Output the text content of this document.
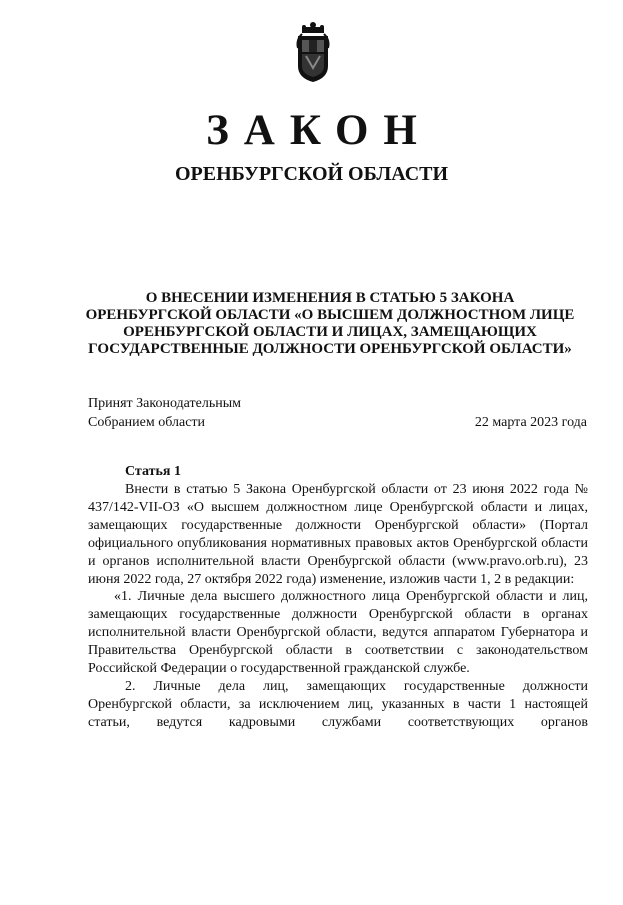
ЗАКОН
ОРЕНБУРГСКОЙ ОБЛАСТИ
О ВНЕСЕНИИ ИЗМЕНЕНИЯ В СТАТЬЮ 5 ЗАКОНА
ОРЕНБУРГСКОЙ ОБЛАСТИ «О ВЫСШЕМ ДОЛЖНОСТНОМ ЛИЦЕ
ОРЕНБУРГСКОЙ ОБЛАСТИ И ЛИЦАХ, ЗАМЕЩАЮЩИХ
ГОСУДАРСТВЕННЫЕ ДОЛЖНОСТИ ОРЕНБУРГСКОЙ ОБЛАСТИ»
Принят Законодательным
Собранием области	22 марта 2023 года
Статья 1

Внести в статью 5 Закона Оренбургской области от 23 июня 2022 года № 437/142-VII-ОЗ «О высшем должностном лице Оренбургской области и лицах, замещающих государственные должности Оренбургской области» (Портал официального опубликования нормативных правовых актов Оренбургской области и органов исполнительной власти Оренбургской области (www.pravo.orb.ru), 23 июня 2022 года, 27 октября 2022 года) изменение, изложив части 1, 2 в редакции:

«1. Личные дела высшего должностного лица Оренбургской области и лиц, замещающих государственные должности Оренбургской области в органах исполнительной власти Оренбургской области, ведутся аппаратом Губернатора и Правительства Оренбургской области в соответствии с законодательством Российской Федерации о государственной гражданской службе.

2. Личные дела лиц, замещающих государственные должности Оренбургской области, за исключением лиц, указанных в части 1 настоящей статьи, ведутся кадровыми службами соответствующих органов
